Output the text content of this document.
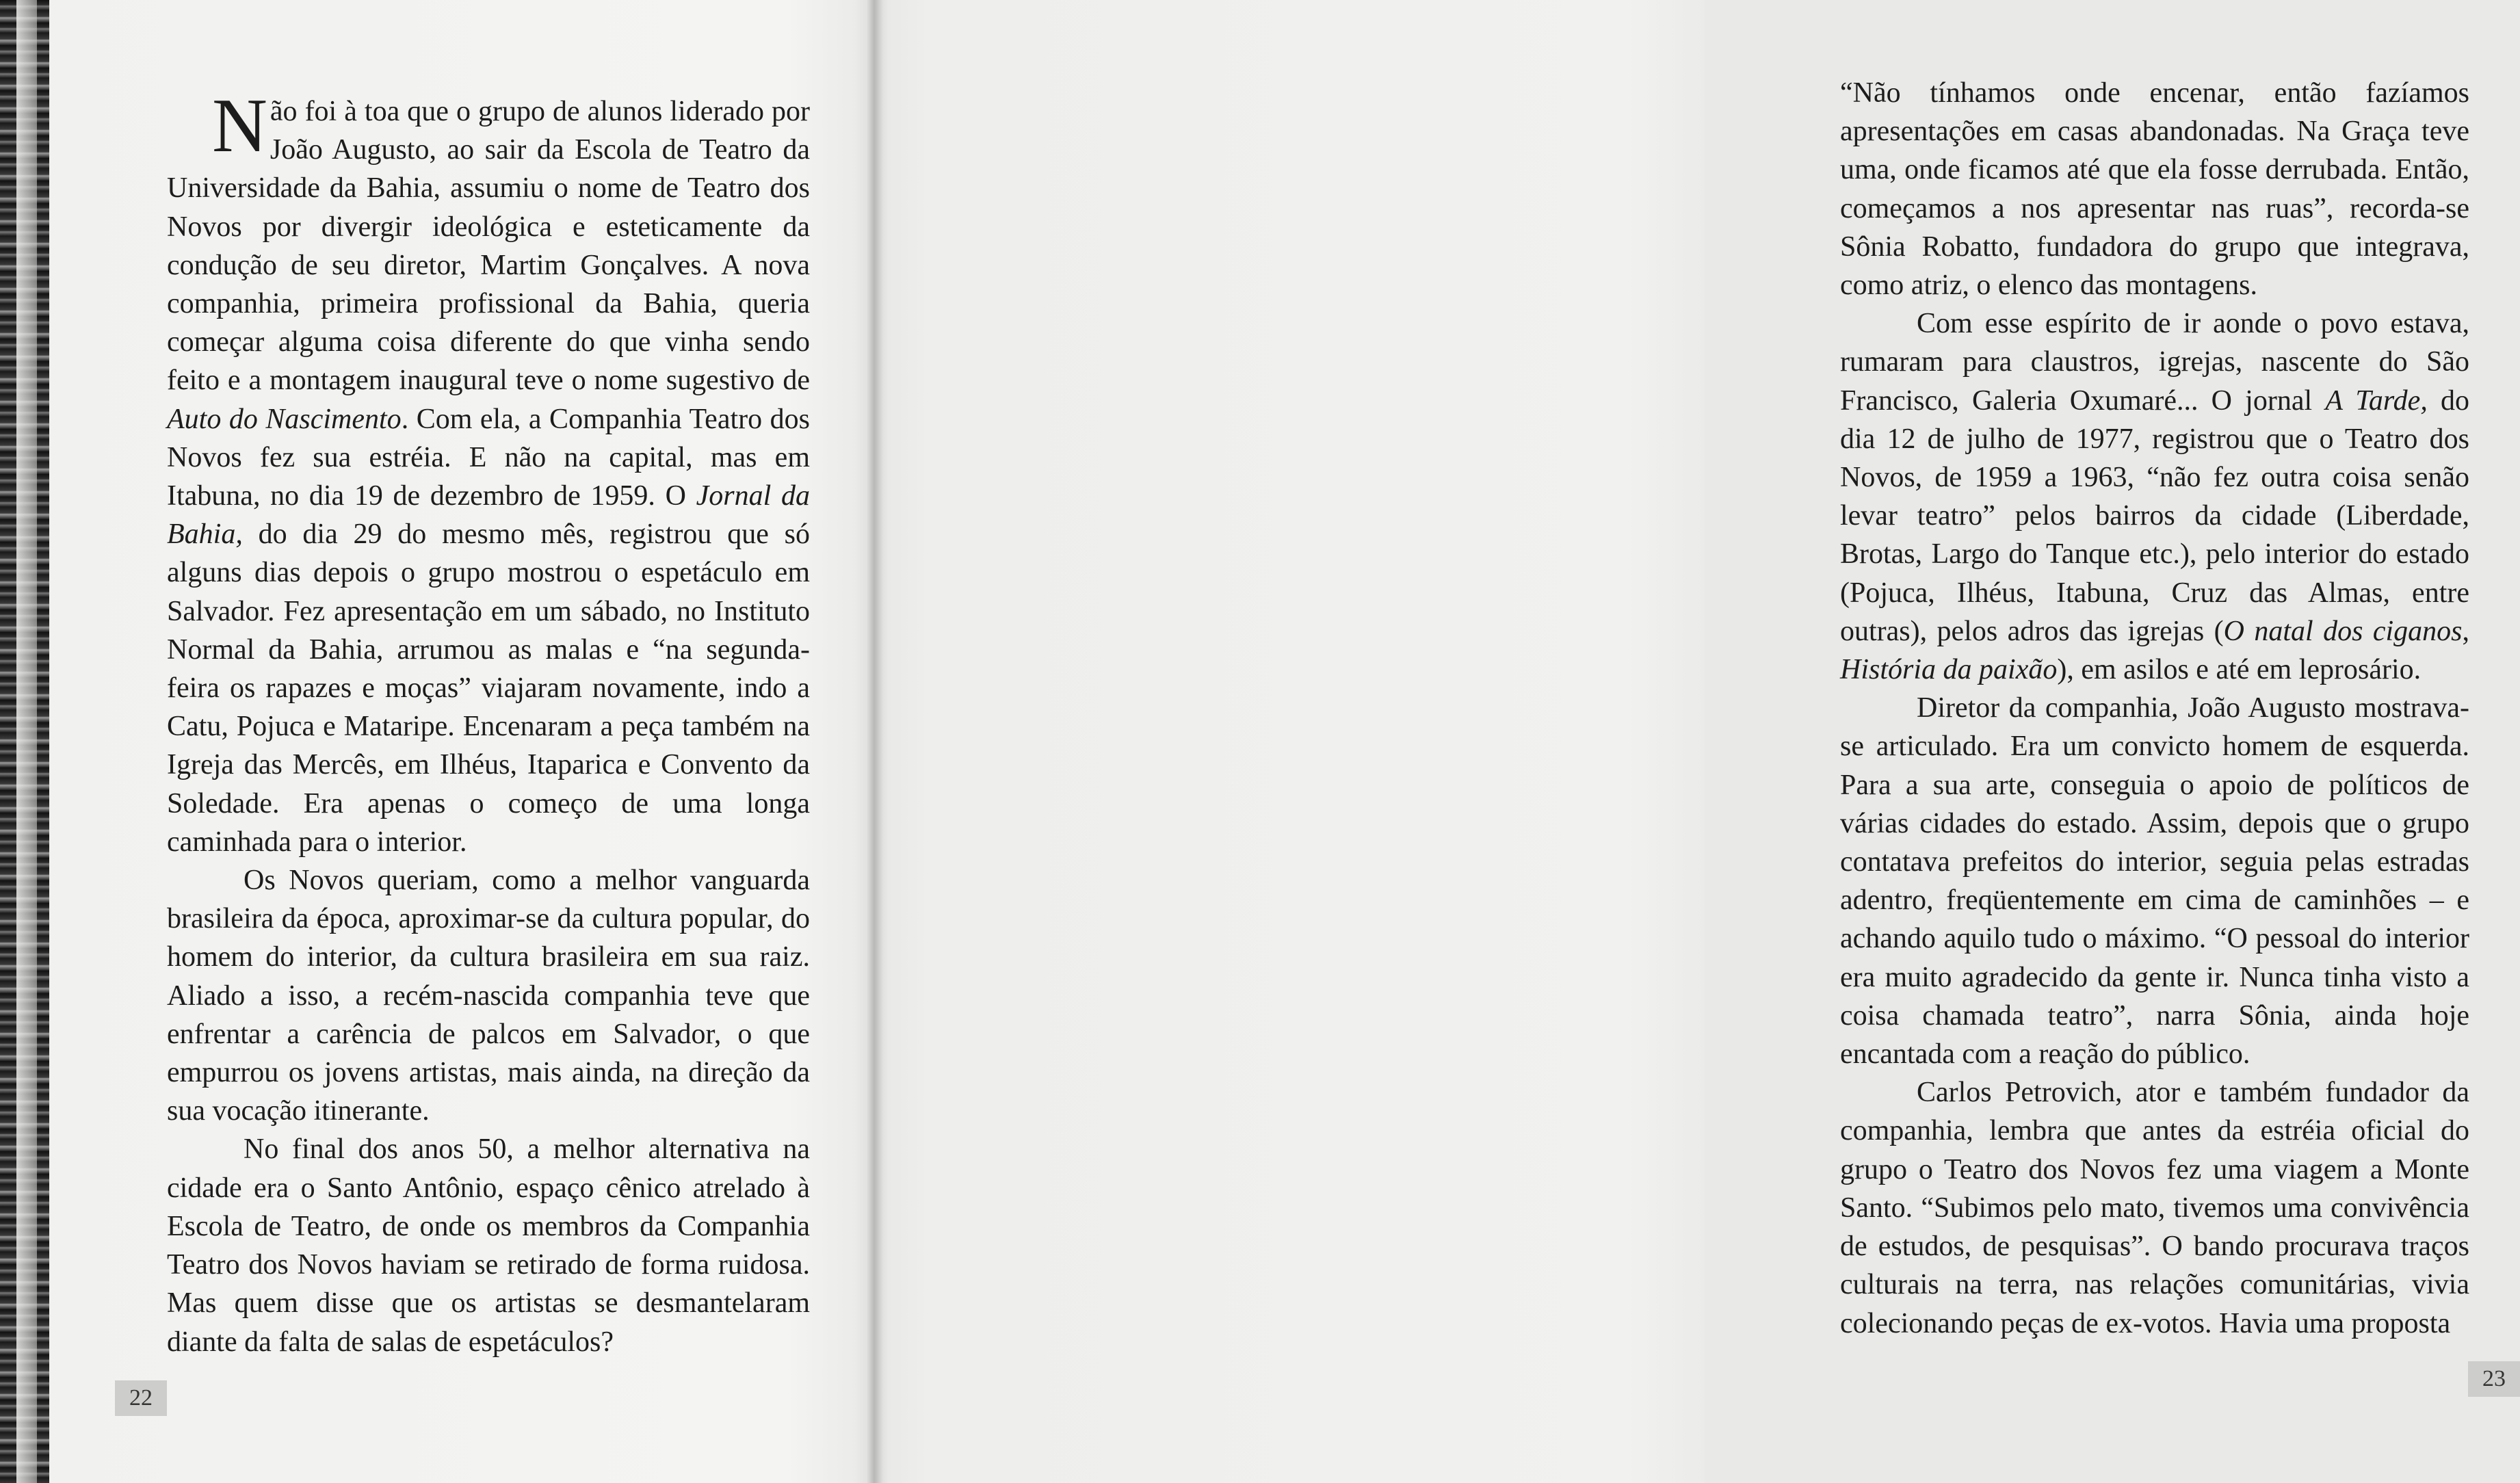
Não foi à toa que o grupo de alunos liderado por João Augusto, ao sair da Escola de Teatro da Universidade da Bahia, assumiu o nome de Teatro dos Novos por divergir ideológica e esteticamente da condução de seu diretor, Martim Gonçalves. A nova companhia, primeira profissional da Bahia, queria começar alguma coisa diferente do que vinha sendo feito e a montagem inaugural teve o nome sugestivo de Auto do Nascimento. Com ela, a Companhia Teatro dos Novos fez sua estréia. E não na capital, mas em Itabuna, no dia 19 de dezembro de 1959. O Jornal da Bahia, do dia 29 do mesmo mês, registrou que só alguns dias depois o grupo mostrou o espetáculo em Salvador. Fez apresentação em um sábado, no Instituto Normal da Bahia, arrumou as malas e “na segunda-feira os rapazes e moças” viajaram novamente, indo a Catu, Pojuca e Mataripe. Encenaram a peça também na Igreja das Mercês, em Ilhéus, Itaparica e Convento da Soledade. Era apenas o começo de uma longa caminhada para o interior.

Os Novos queriam, como a melhor vanguarda brasileira da época, aproximar-se da cultura popular, do homem do interior, da cultura brasileira em sua raiz. Aliado a isso, a recém-nascida companhia teve que enfrentar a carência de palcos em Salvador, o que empurrou os jovens artistas, mais ainda, na direção da sua vocação itinerante.

No final dos anos 50, a melhor alternativa na cidade era o Santo Antônio, espaço cênico atrelado à Escola de Teatro, de onde os membros da Companhia Teatro dos Novos haviam se retirado de forma ruidosa. Mas quem disse que os artistas se desmantelaram diante da falta de salas de espetáculos?

22

“Não tínhamos onde encenar, então fazíamos apresentações em casas abandonadas. Na Graça teve uma, onde ficamos até que ela fosse derrubada. Então, começamos a nos apresentar nas ruas”, recorda-se Sônia Robatto, fundadora do grupo que integrava, como atriz, o elenco das montagens.

Com esse espírito de ir aonde o povo estava, rumaram para claustros, igrejas, nascente do São Francisco, Galeria Oxumaré... O jornal A Tarde, do dia 12 de julho de 1977, registrou que o Teatro dos Novos, de 1959 a 1963, “não fez outra coisa senão levar teatro” pelos bairros da cidade (Liberdade, Brotas, Largo do Tanque etc.), pelo interior do estado (Pojuca, Ilhéus, Itabuna, Cruz das Almas, entre outras), pelos adros das igrejas (O natal dos ciganos, História da paixão), em asilos e até em leprosário.

Diretor da companhia, João Augusto mostrava-se articulado. Era um convicto homem de esquerda. Para a sua arte, conseguia o apoio de políticos de várias cidades do estado. Assim, depois que o grupo contatava prefeitos do interior, seguia pelas estradas adentro, freqüentemente em cima de caminhões – e achando aquilo tudo o máximo. “O pessoal do interior era muito agradecido da gente ir. Nunca tinha visto a coisa chamada teatro”, narra Sônia, ainda hoje encantada com a reação do público.

Carlos Petrovich, ator e também fundador da companhia, lembra que antes da estréia oficial do grupo o Teatro dos Novos fez uma viagem a Monte Santo. “Subimos pelo mato, tivemos uma convivência de estudos, de pesquisas”. O bando procurava traços culturais na terra, nas relações comunitárias, vivia colecionando peças de ex-votos. Havia uma proposta

23
